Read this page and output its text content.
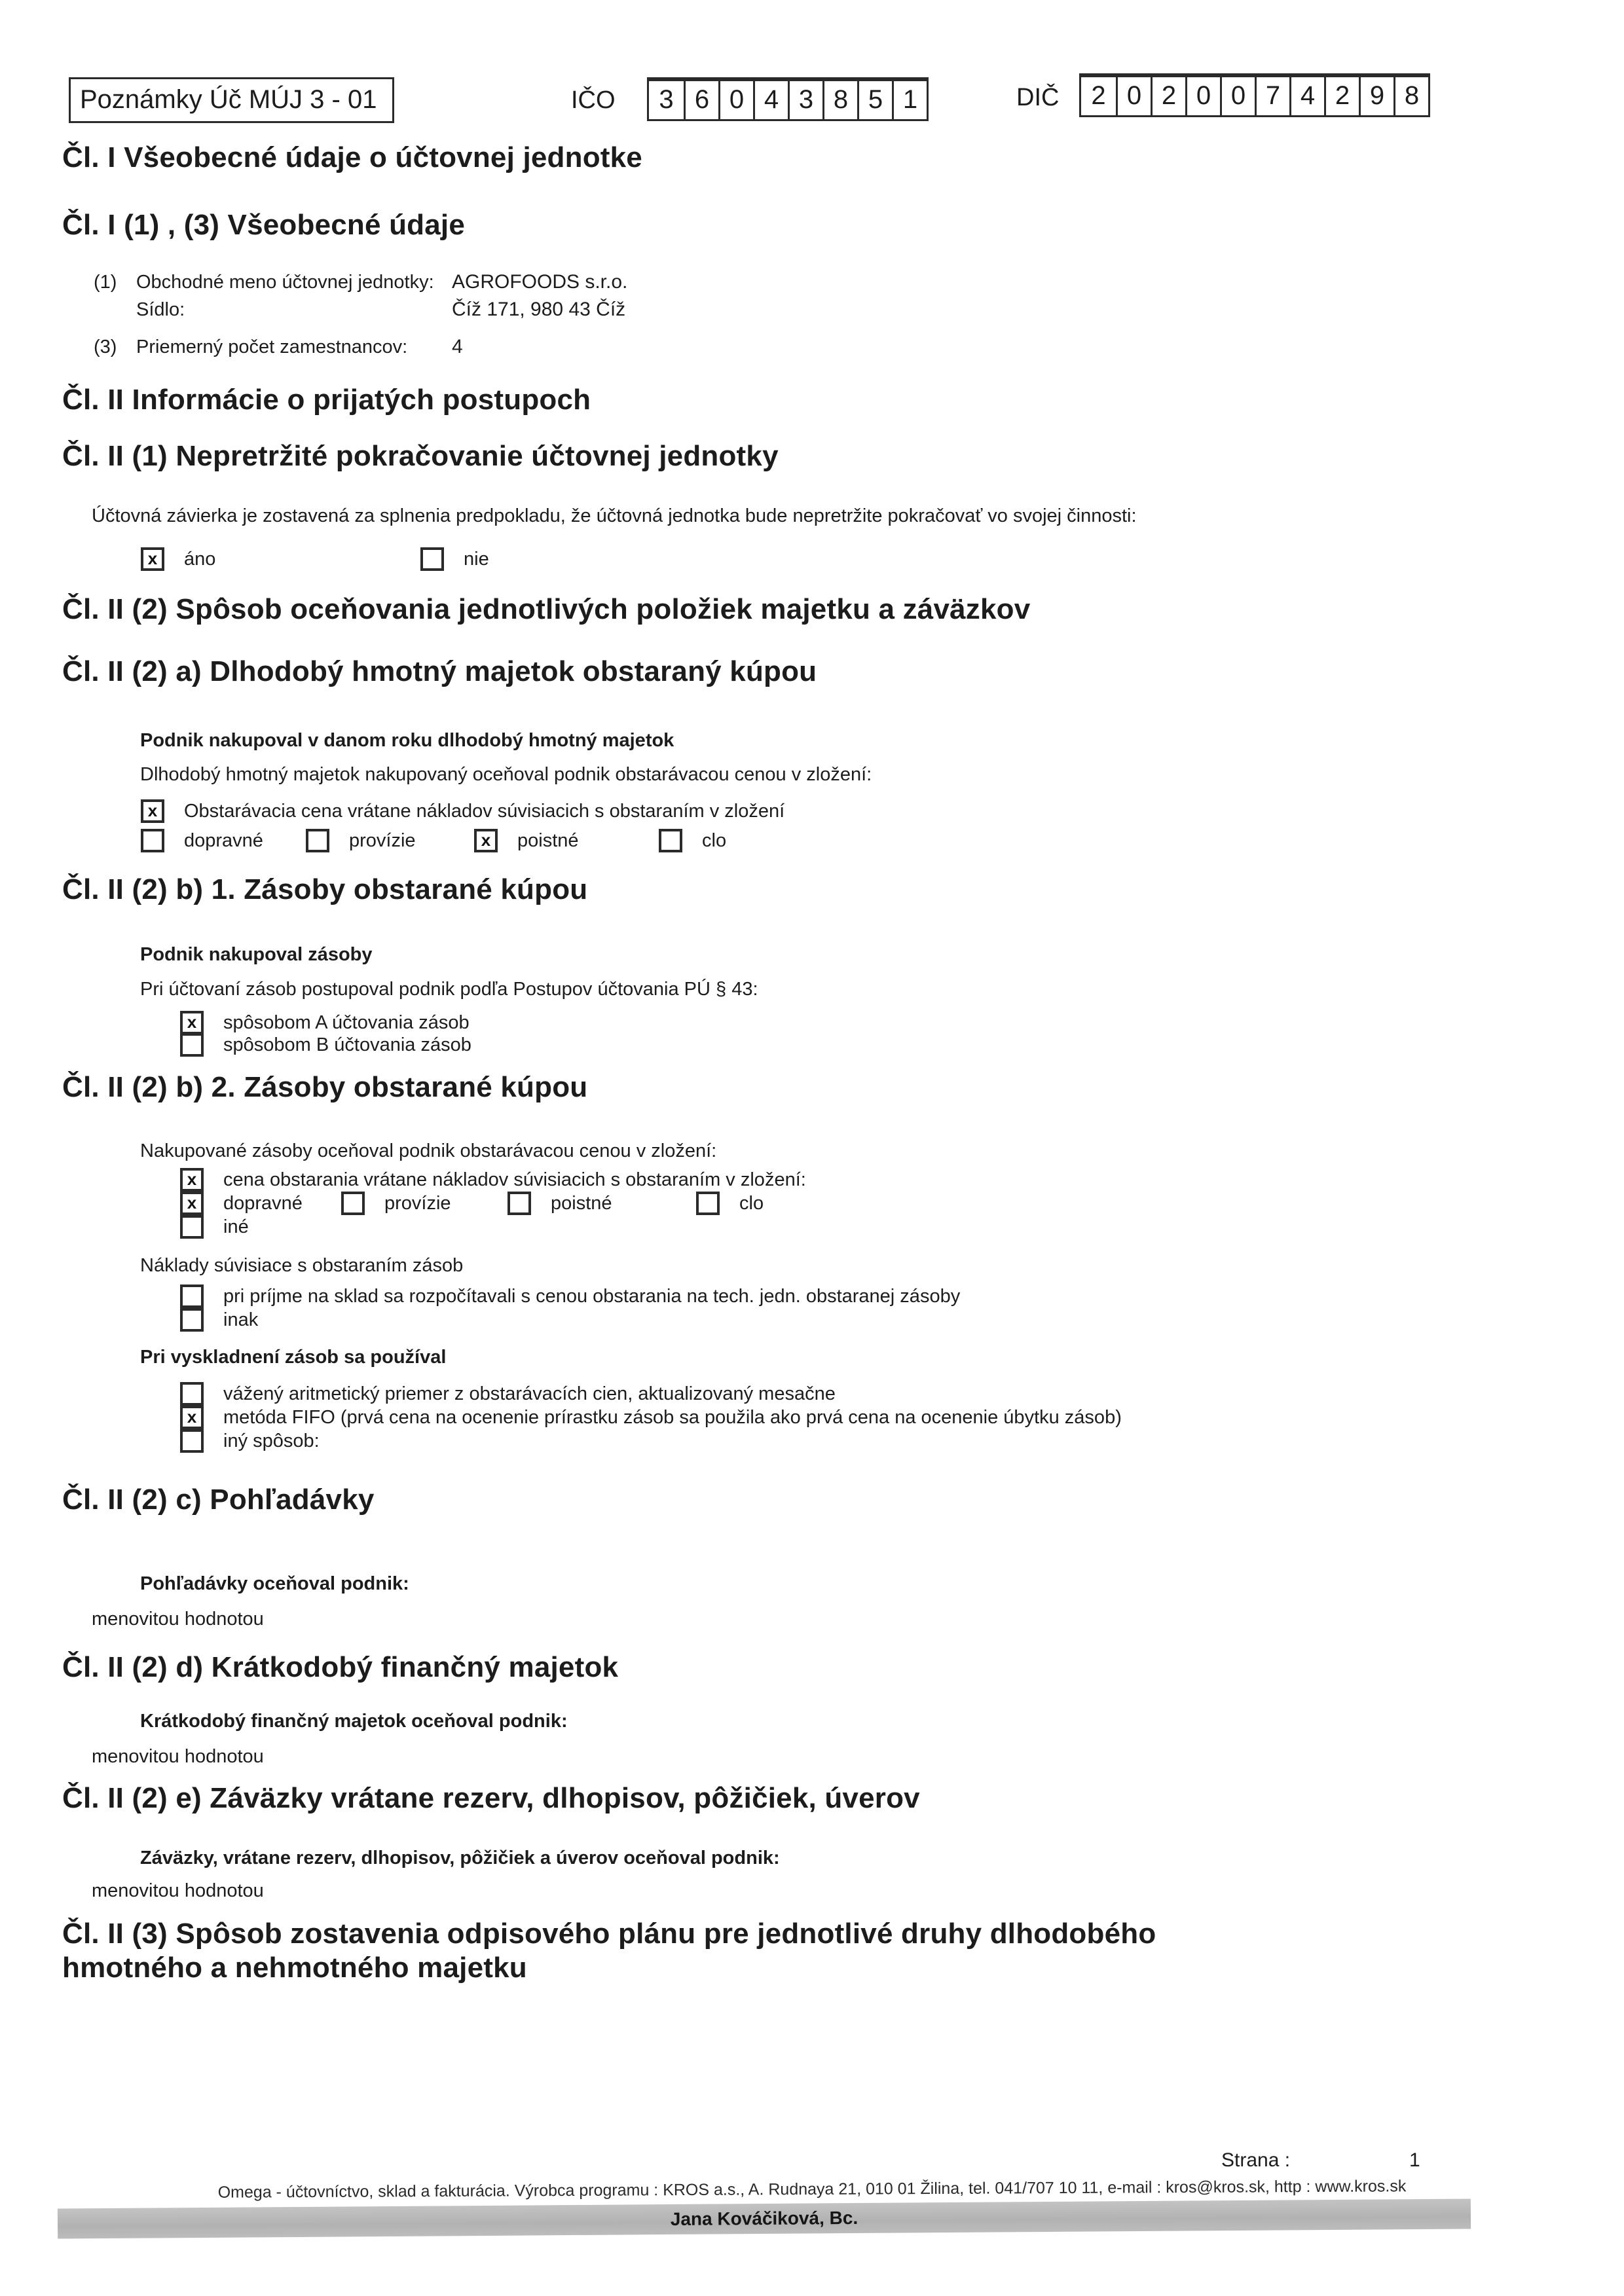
Poznámky Úč MÚJ 3 - 01	IČO	3 6 0 4 3 8 5 1	DIČ	2 0 2 0 0 7 4 2 9 8
Čl. I Všeobecné údaje o účtovnej jednotke
Čl. I (1) , (3) Všeobecné údaje
(1)	Obchodné meno účtovnej jednotky: AGROFOODS s.r.o.
Sídlo:	Číž 171, 980 43 Číž
(3)	Priemerný počet zamestnancov:	4
Čl. II Informácie o prijatých postupoch
Čl. II (1) Nepretržité pokračovanie účtovnej jednotky
Účtovná závierka je zostavená za splnenia predpokladu, že účtovná jednotka bude nepretržite pokračovať vo svojej činnosti:
x	áno	nie
Čl. II (2) Spôsob oceňovania jednotlivých položiek majetku a záväzkov
Čl. II (2) a) Dlhodobý hmotný majetok obstaraný kúpou
Podnik nakupoval v danom roku dlhodobý hmotný majetok
Dlhodobý hmotný majetok nakupovaný oceňoval podnik obstarávacou cenou v zložení:
x	Obstarávacia cena vrátane nákladov súvisiacich s obstaraním v zložení
dopravné	provízie	x	poistné	clo
Čl. II (2) b) 1. Zásoby obstarané kúpou
Podnik nakupoval zásoby
Pri účtovaní zásob postupoval podnik podľa Postupov účtovania PÚ § 43:
x	spôsobom A účtovania zásob
spôsobom B účtovania zásob
Čl. II (2) b) 2. Zásoby obstarané kúpou
Nakupované zásoby oceňoval podnik obstarávacou cenou v zložení:
x	cena obstarania vrátane nákladov súvisiacich s obstaraním v zložení:
x	dopravné	provízie	poistné	clo
iné
Náklady súvisiace s obstaraním zásob
pri príjme na sklad sa rozpočítavali s cenou obstarania na tech. jedn. obstaranej zásoby
inak
Pri vyskladnení zásob sa používal
vážený aritmetický priemer z obstarávacích cien, aktualizovaný mesačne
x	metóda FIFO (prvá cena na ocenenie prírastku zásob sa použila ako prvá cena na ocenenie úbytku zásob)
iný spôsob:
Čl. II (2) c) Pohľadávky
Pohľadávky oceňoval podnik:
menovitou hodnotou
Čl. II (2) d) Krátkodobý finančný majetok
Krátkodobý finančný majetok oceňoval podnik:
menovitou hodnotou
Čl. II (2) e) Záväzky vrátane rezerv, dlhopisov, pôžičiek, úverov
Záväzky, vrátane rezerv, dlhopisov, pôžičiek a úverov oceňoval podnik:
menovitou hodnotou
Čl. II (3) Spôsob zostavenia odpisového plánu pre jednotlivé druhy dlhodobého
hmotného a nehmotného majetku
Strana :	1
Omega - účtovníctvo, sklad a fakturácia. Výrobca programu : KROS a.s., A. Rudnaya 21, 010 01 Žilina, tel. 041/707 10 11, e-mail : kros@kros.sk, http : www.kros.sk
Jana Kováčiková, Bc.
